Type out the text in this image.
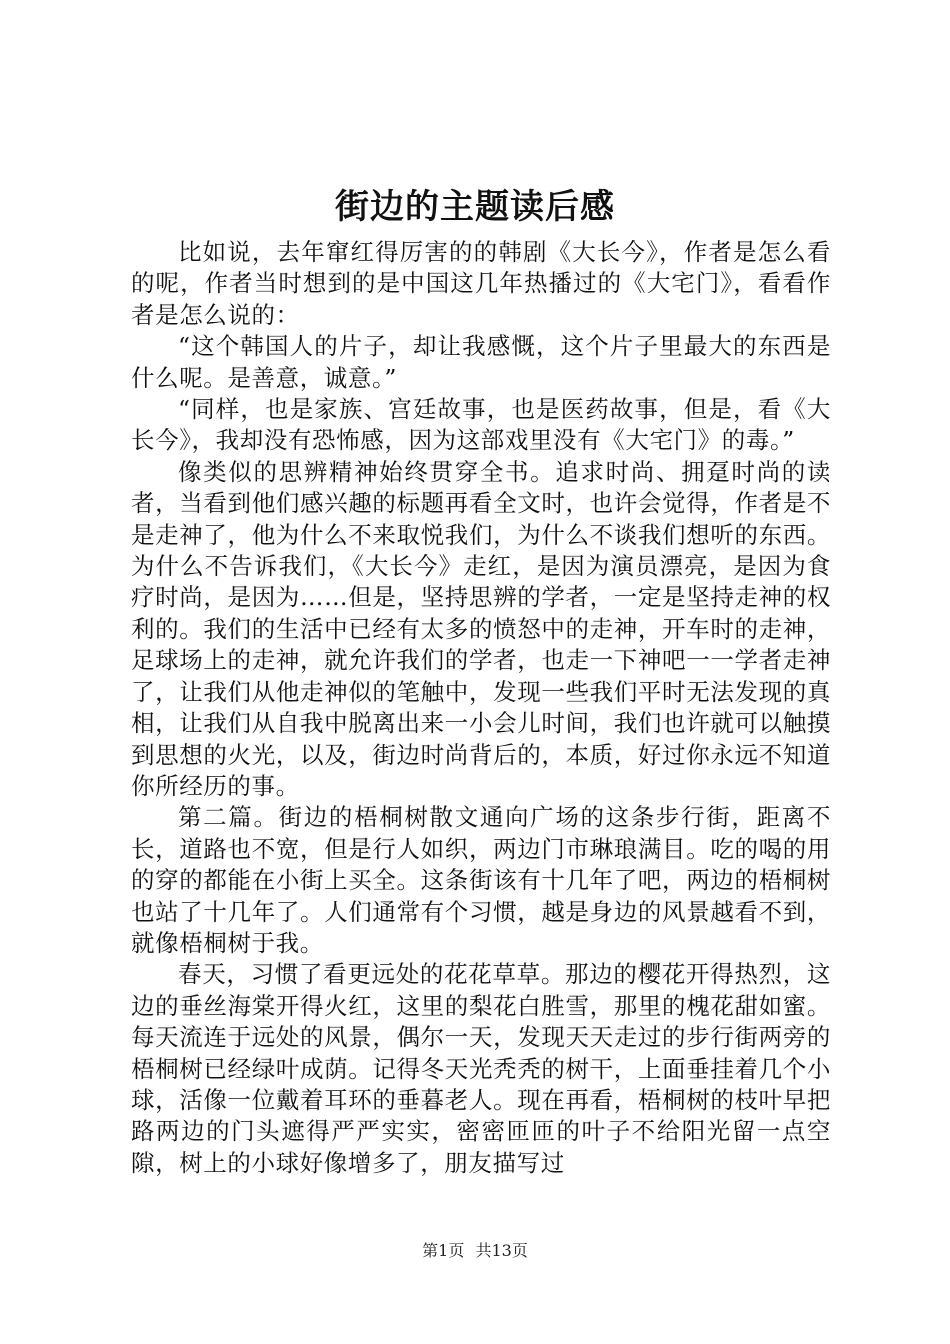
街边的主题读后感

比如说，去年窜红得厉害的的韩剧《大长今》，作者是怎么看的呢，作者当时想到的是中国这几年热播过的《大宅门》，看看作者是怎么说的：

“这个韩国人的片子，却让我感慨，这个片子里最大的东西是什么呢。是善意，诚意。”

“同样，也是家族、宫廷故事，也是医药故事，但是，看《大长今》，我却没有恐怖感，因为这部戏里没有《大宅门》的毒。”

像类似的思辨精神始终贯穿全书。追求时尚、拥趸时尚的读者，当看到他们感兴趣的标题再看全文时，也许会觉得，作者是不是走神了，他为什么不来取悦我们，为什么不谈我们想听的东西。为什么不告诉我们，《大长今》走红，是因为演员漂亮，是因为食疗时尚，是因为……但是，坚持思辨的学者，一定是坚持走神的权利的。我们的生活中已经有太多的愤怒中的走神，开车时的走神，足球场上的走神，就允许我们的学者，也走一下神吧一一学者走神了，让我们从他走神似的笔触中，发现一些我们平时无法发现的真相，让我们从自我中脱离出来一小会儿时间，我们也许就可以触摸到思想的火光，以及，街边时尚背后的，本质，好过你永远不知道你所经历的事。

第二篇。街边的梧桐树散文通向广场的这条步行街，距离不长，道路也不宽，但是行人如织，两边门市琳琅满目。吃的喝的用的穿的都能在小街上买全。这条街该有十几年了吧，两边的梧桐树也站了十几年了。人们通常有个习惯，越是身边的风景越看不到，就像梧桐树于我。

春天，习惯了看更远处的花花草草。那边的樱花开得热烈，这边的垂丝海棠开得火红，这里的梨花白胜雪，那里的槐花甜如蜜。每天流连于远处的风景，偶尔一天，发现天天走过的步行街两旁的梧桐树已经绿叶成荫。记得冬天光秃秃的树干，上面垂挂着几个小球，活像一位戴着耳环的垂暮老人。现在再看，梧桐树的枝叶早把路两边的门头遮得严严实实，密密匝匝的叶子不给阳光留一点空隙，树上的小球好像增多了，朋友描写过

第1页 共13页
